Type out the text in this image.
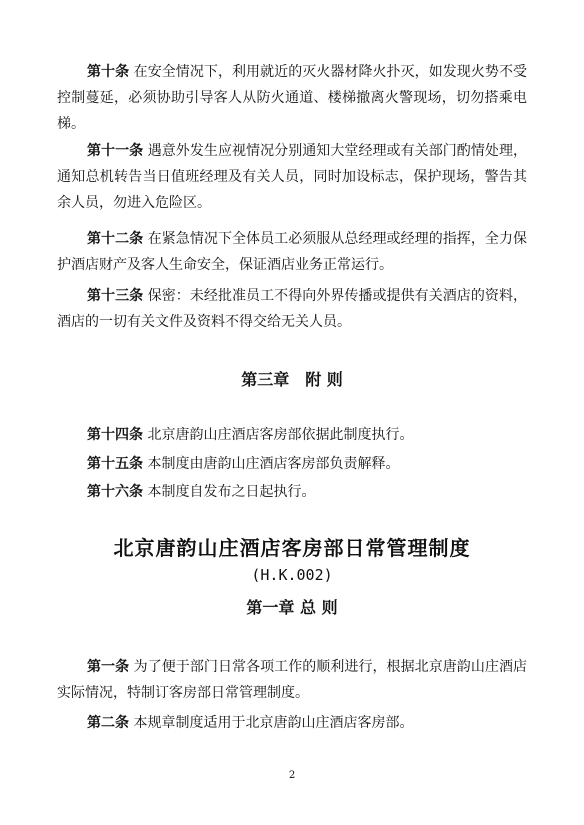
第十条 在安全情况下，利用就近的灭火器材降火扑灭，如发现火势不受控制蔓延，必须协助引导客人从防火通道、楼梯撤离火警现场，切勿搭乘电梯。

第十一条 遇意外发生应视情况分别通知大堂经理或有关部门酌情处理，通知总机转告当日值班经理及有关人员，同时加设标志，保护现场，警告其余人员，勿进入危险区。

第十二条 在紧急情况下全体员工必须服从总经理或经理的指挥，全力保护酒店财产及客人生命安全，保证酒店业务正常运行。

第十三条 保密：未经批准员工不得向外界传播或提供有关酒店的资料，酒店的一切有关文件及资料不得交给无关人员。

第三章　附 则

第十四条 北京唐韵山庄酒店客房部依据此制度执行。

第十五条 本制度由唐韵山庄酒店客房部负责解释。

第十六条 本制度自发布之日起执行。

北京唐韵山庄酒店客房部日常管理制度
(H.K.002)
第一章 总 则

第一条 为了便于部门日常各项工作的顺利进行，根据北京唐韵山庄酒店实际情况，特制订客房部日常管理制度。

第二条 本规章制度适用于北京唐韵山庄酒店客房部。

2
